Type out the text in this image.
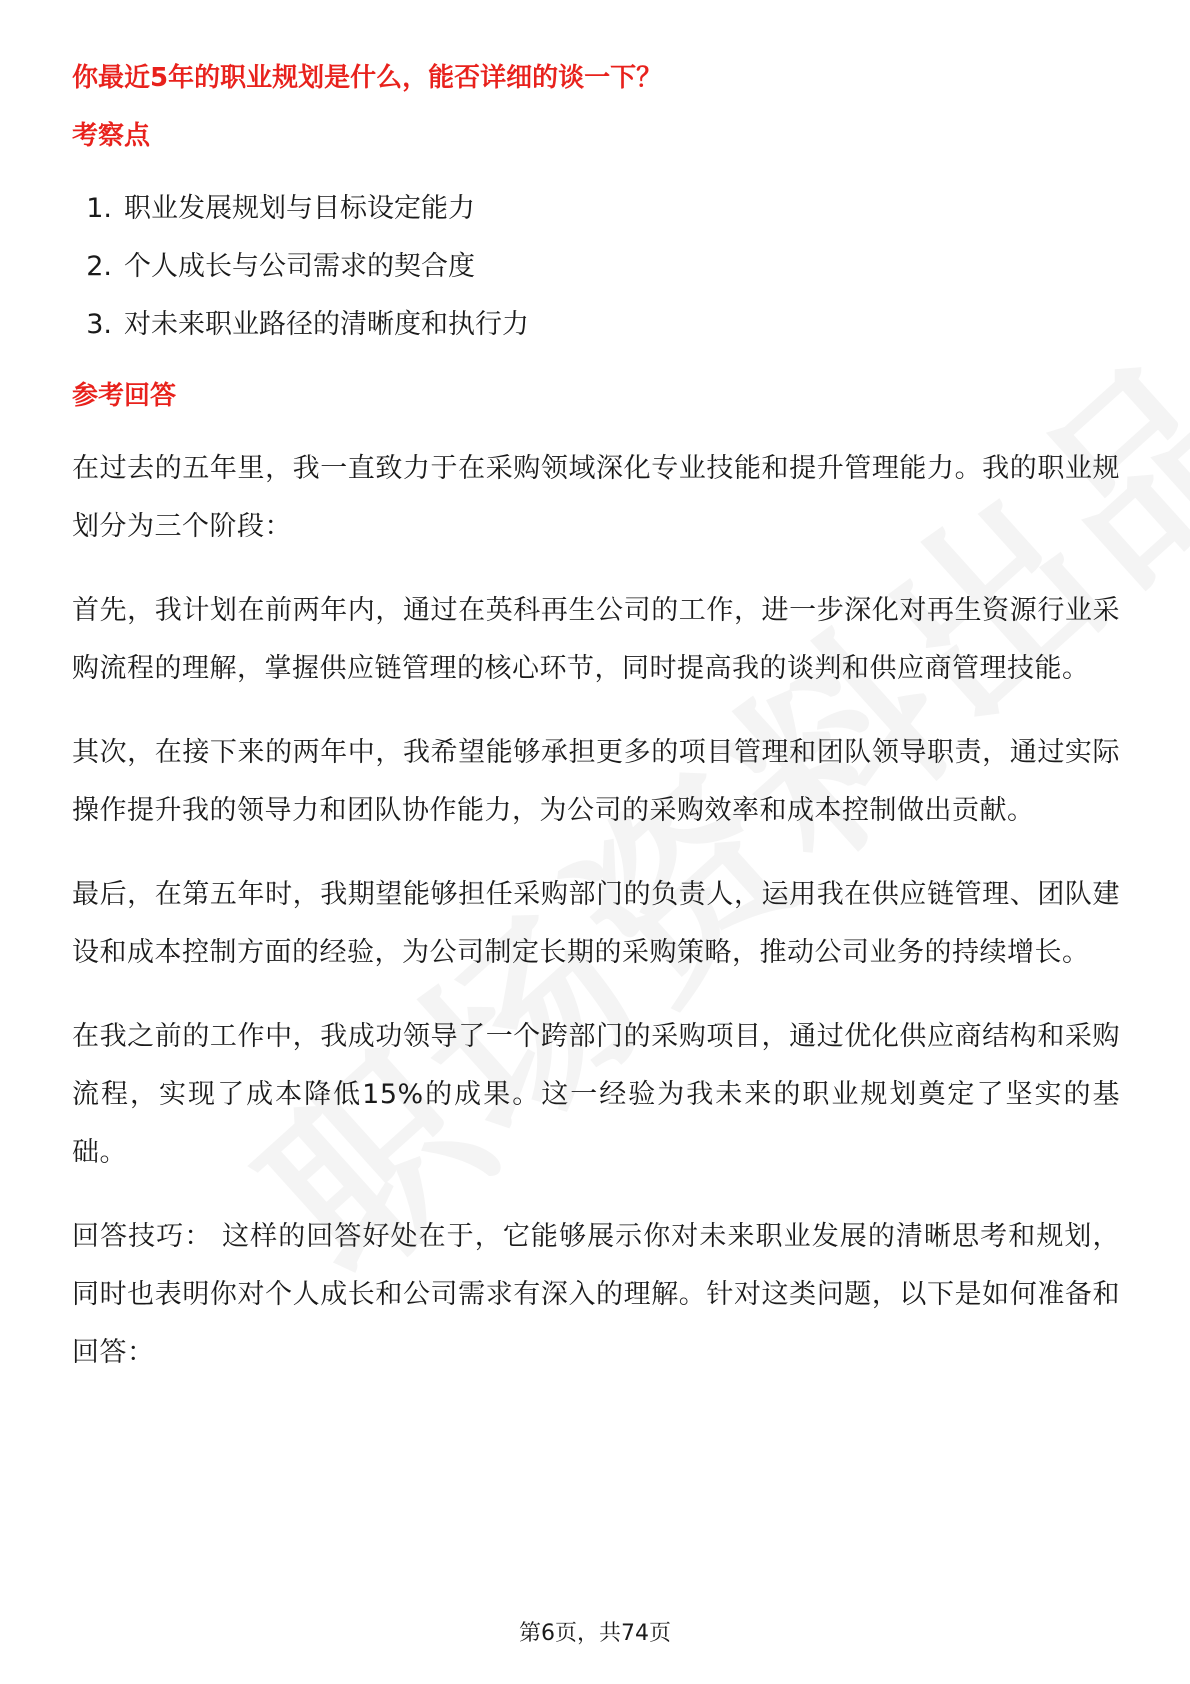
你最近5年的职业规划是什么，能否详细的谈一下？
考察点
1. 职业发展规划与目标设定能力
2. 个人成长与公司需求的契合度
3. 对未来职业路径的清晰度和执行力
参考回答

在过去的五年里，我一直致力于在采购领域深化专业技能和提升管理能力。我的职业规划分为三个阶段：

首先，我计划在前两年内，通过在英科再生公司的工作，进一步深化对再生资源行业采购流程的理解，掌握供应链管理的核心环节，同时提高我的谈判和供应商管理技能。

其次，在接下来的两年中，我希望能够承担更多的项目管理和团队领导职责，通过实际操作提升我的领导力和团队协作能力，为公司的采购效率和成本控制做出贡献。

最后，在第五年时，我期望能够担任采购部门的负责人，运用我在供应链管理、团队建设和成本控制方面的经验，为公司制定长期的采购策略，推动公司业务的持续增长。

在我之前的工作中，我成功领导了一个跨部门的采购项目，通过优化供应商结构和采购流程，实现了成本降低15%的成果。这一经验为我未来的职业规划奠定了坚实的基础。

回答技巧： 这样的回答好处在于，它能够展示你对未来职业发展的清晰思考和规划，同时也表明你对个人成长和公司需求有深入的理解。针对这类问题，以下是如何准备和回答：

第6页，共74页
